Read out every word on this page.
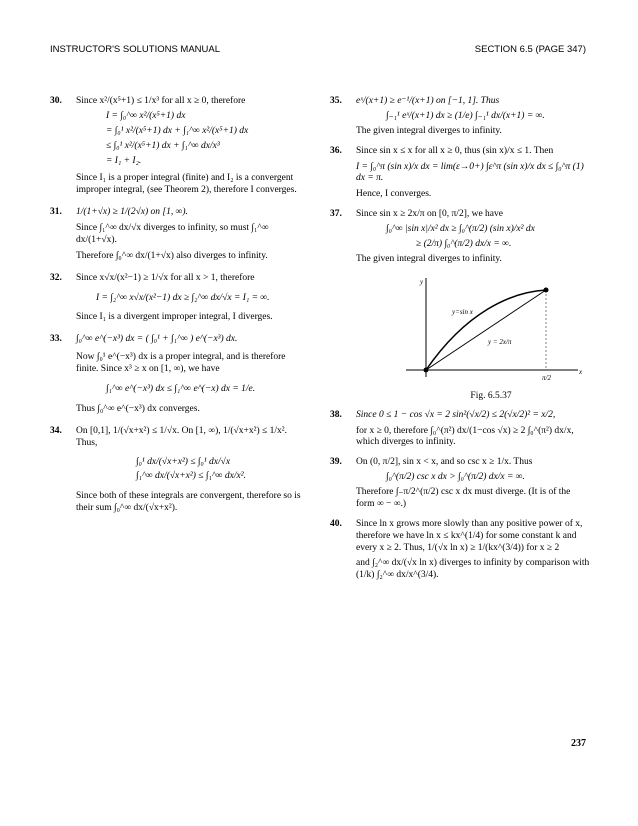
INSTRUCTOR'S SOLUTIONS MANUAL	SECTION 6.5 (PAGE 347)
30. Since x²/(x⁵+1) ≤ 1/x³ for all x ≥ 0, therefore
I = ∫₀^∞ x²/(x⁵+1) dx
= ∫₀¹ x²/(x⁵+1) dx + ∫₁^∞ x²/(x⁵+1) dx
≤ ∫₀¹ x²/(x⁵+1) dx + ∫₁^∞ dx/x³
= I₁ + I₂.
Since I₁ is a proper integral (finite) and I₂ is a convergent improper integral, (see Theorem 2), therefore I converges.
31. 1/(1+√x) ≥ 1/(2√x) on [1, ∞).
Since ∫₁^∞ dx/√x diverges to infinity, so must ∫₁^∞ dx/(1+√x).
Therefore ∫₀^∞ dx/(1+√x) also diverges to infinity.
32. Since x√x/(x²−1) ≥ 1/√x for all x > 1, therefore
I = ∫₂^∞ x√x/(x²−1) dx ≥ ∫₂^∞ dx/√x = I₁ = ∞.
Since I₁ is a divergent improper integral, I diverges.
33. ∫₀^∞ e^(−x³) dx = ( ∫₀¹ + ∫₁^∞ ) e^(−x³) dx.
Now ∫₀¹ e^(−x³) dx is a proper integral, and is therefore finite. Since x³ ≥ x on [1, ∞), we have
∫₁^∞ e^(−x³) dx ≤ ∫₁^∞ e^(−x) dx = 1/e.
Thus ∫₀^∞ e^(−x³) dx converges.
34. On [0,1], 1/(√x+x²) ≤ 1/√x. On [1, ∞), 1/(√x+x²) ≤ 1/x².
Thus,
∫₀¹ dx/(√x+x²) ≤ ∫₀¹ dx/√x
∫₁^∞ dx/(√x+x²) ≤ ∫₁^∞ dx/x².
Since both of these integrals are convergent, therefore so is their sum ∫₀^∞ dx/(√x+x²).
35. eˣ/(x+1) ≥ e⁻¹/(x+1) on [−1, 1]. Thus
∫₋₁¹ eˣ/(x+1) dx ≥ (1/e) ∫₋₁¹ dx/(x+1) = ∞.
The given integral diverges to infinity.
36. Since sin x ≤ x for all x ≥ 0, thus (sin x)/x ≤ 1. Then
I = ∫₀^π (sin x)/x dx = lim(ε→0+) ∫ε^π (sin x)/x dx ≤ ∫₀^π (1) dx = π.
Hence, I converges.
37. Since sin x ≥ 2x/π on [0, π/2], we have
∫₀^∞ |sin x|/x² dx ≥ ∫₀^(π/2) (sin x)/x² dx
≥ (2/π) ∫₀^(π/2) dx/x = ∞.
The given integral diverges to infinity.
y
x
y=sin x
y = 2x/π
π/2
Fig. 6.5.37
38. Since 0 ≤ 1 − cos √x = 2 sin²(√x/2) ≤ 2(√x/2)² = x/2,
for x ≥ 0, therefore ∫₀^(π²) dx/(1−cos √x) ≥ 2 ∫₀^(π²) dx/x, which diverges to infinity.
39. On (0, π/2], sin x < x, and so csc x ≥ 1/x. Thus
∫₀^(π/2) csc x dx > ∫₀^(π/2) dx/x = ∞.
Therefore ∫₋π/2^(π/2) csc x dx must diverge. (It is of the form ∞ − ∞.)
40. Since ln x grows more slowly than any positive power of x, therefore we have ln x ≤ kx^(1/4) for some constant k and every x ≥ 2. Thus, 1/(√x ln x) ≥ 1/(kx^(3/4)) for x ≥ 2
and ∫₂^∞ dx/(√x ln x) diverges to infinity by comparison with (1/k) ∫₂^∞ dx/x^(3/4).
237
